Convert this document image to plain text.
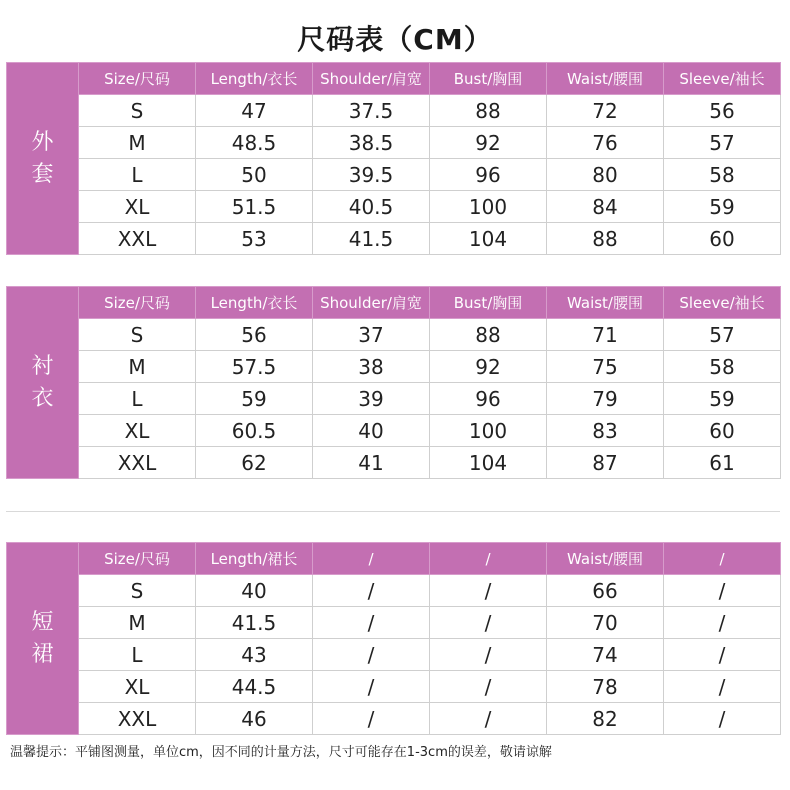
尺码表（CM）
外
套	Size/尺码	Length/衣长	Shoulder/肩宽	Bust/胸围	Waist/腰围	Sleeve/袖长
	S	47	37.5	88	72	56
	M	48.5	38.5	92	76	57
	L	50	39.5	96	80	58
	XL	51.5	40.5	100	84	59
	XXL	53	41.5	104	88	60
衬
衣	Size/尺码	Length/衣长	Shoulder/肩宽	Bust/胸围	Waist/腰围	Sleeve/袖长
	S	56	37	88	71	57
	M	57.5	38	92	75	58
	L	59	39	96	79	59
	XL	60.5	40	100	83	60
	XXL	62	41	104	87	61
短
裙	Size/尺码	Length/裙长	/	/	Waist/腰围	/
	S	40	/	/	66	/
	M	41.5	/	/	70	/
	L	43	/	/	74	/
	XL	44.5	/	/	78	/
	XXL	46	/	/	82	/
温馨提示：平铺图测量，单位cm，因不同的计量方法，尺寸可能存在1-3cm的误差，敬请谅解
